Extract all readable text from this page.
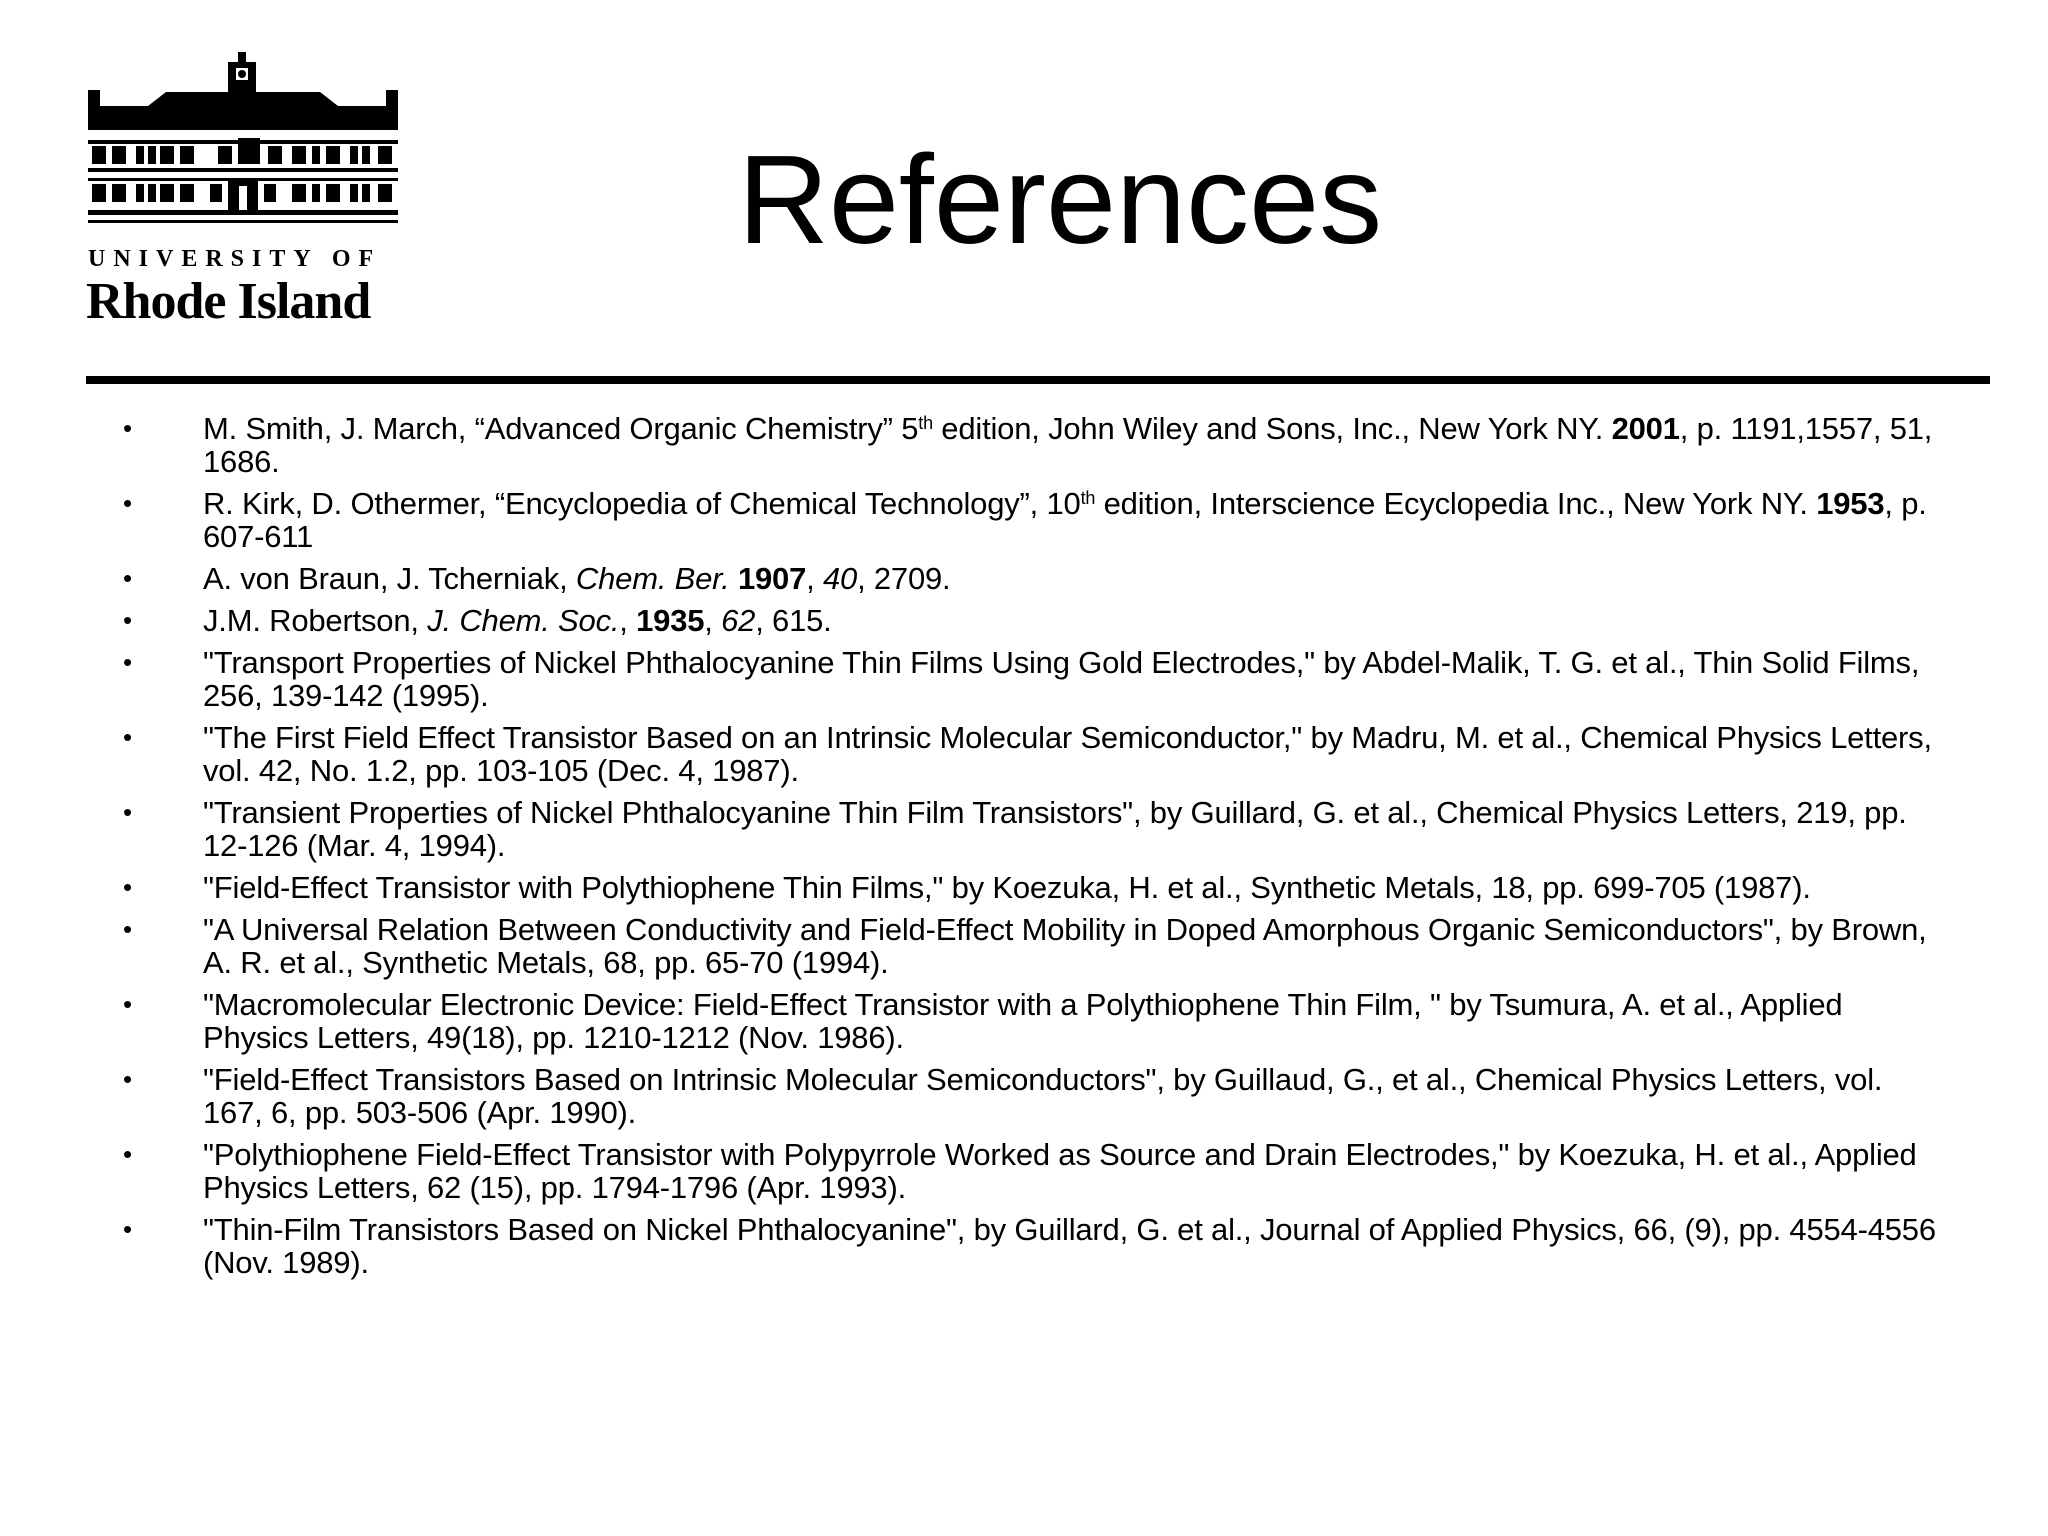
UNIVERSITY OF
Rhode Island
References
• M. Smith, J. March, “Advanced Organic Chemistry” 5th edition, John Wiley and Sons, Inc., New York NY. 2001, p. 1191,1557, 51, 1686.
• R. Kirk, D. Othermer, “Encyclopedia of Chemical Technology”, 10th edition, Interscience Ecyclopedia Inc., New York NY. 1953, p. 607-611
• A. von Braun, J. Tcherniak, Chem. Ber. 1907, 40, 2709.
• J.M. Robertson, J. Chem. Soc., 1935, 62, 615.
• "Transport Properties of Nickel Phthalocyanine Thin Films Using Gold Electrodes," by Abdel-Malik, T. G. et al., Thin Solid Films, 256, 139-142 (1995).
• "The First Field Effect Transistor Based on an Intrinsic Molecular Semiconductor," by Madru, M. et al., Chemical Physics Letters, vol. 42, No. 1.2, pp. 103-105 (Dec. 4, 1987).
• "Transient Properties of Nickel Phthalocyanine Thin Film Transistors", by Guillard, G. et al., Chemical Physics Letters, 219, pp. 12-126 (Mar. 4, 1994).
• "Field-Effect Transistor with Polythiophene Thin Films," by Koezuka, H. et al., Synthetic Metals, 18, pp. 699-705 (1987).
• "A Universal Relation Between Conductivity and Field-Effect Mobility in Doped Amorphous Organic Semiconductors", by Brown, A. R. et al., Synthetic Metals, 68, pp. 65-70 (1994).
• "Macromolecular Electronic Device: Field-Effect Transistor with a Polythiophene Thin Film, " by Tsumura, A. et al., Applied Physics Letters, 49(18), pp. 1210-1212 (Nov. 1986).
• "Field-Effect Transistors Based on Intrinsic Molecular Semiconductors", by Guillaud, G., et al., Chemical Physics Letters, vol. 167, 6, pp. 503-506 (Apr. 1990).
• "Polythiophene Field-Effect Transistor with Polypyrrole Worked as Source and Drain Electrodes," by Koezuka, H. et al., Applied Physics Letters, 62 (15), pp. 1794-1796 (Apr. 1993).
• "Thin-Film Transistors Based on Nickel Phthalocyanine", by Guillard, G. et al., Journal of Applied Physics, 66, (9), pp. 4554-4556 (Nov. 1989).
